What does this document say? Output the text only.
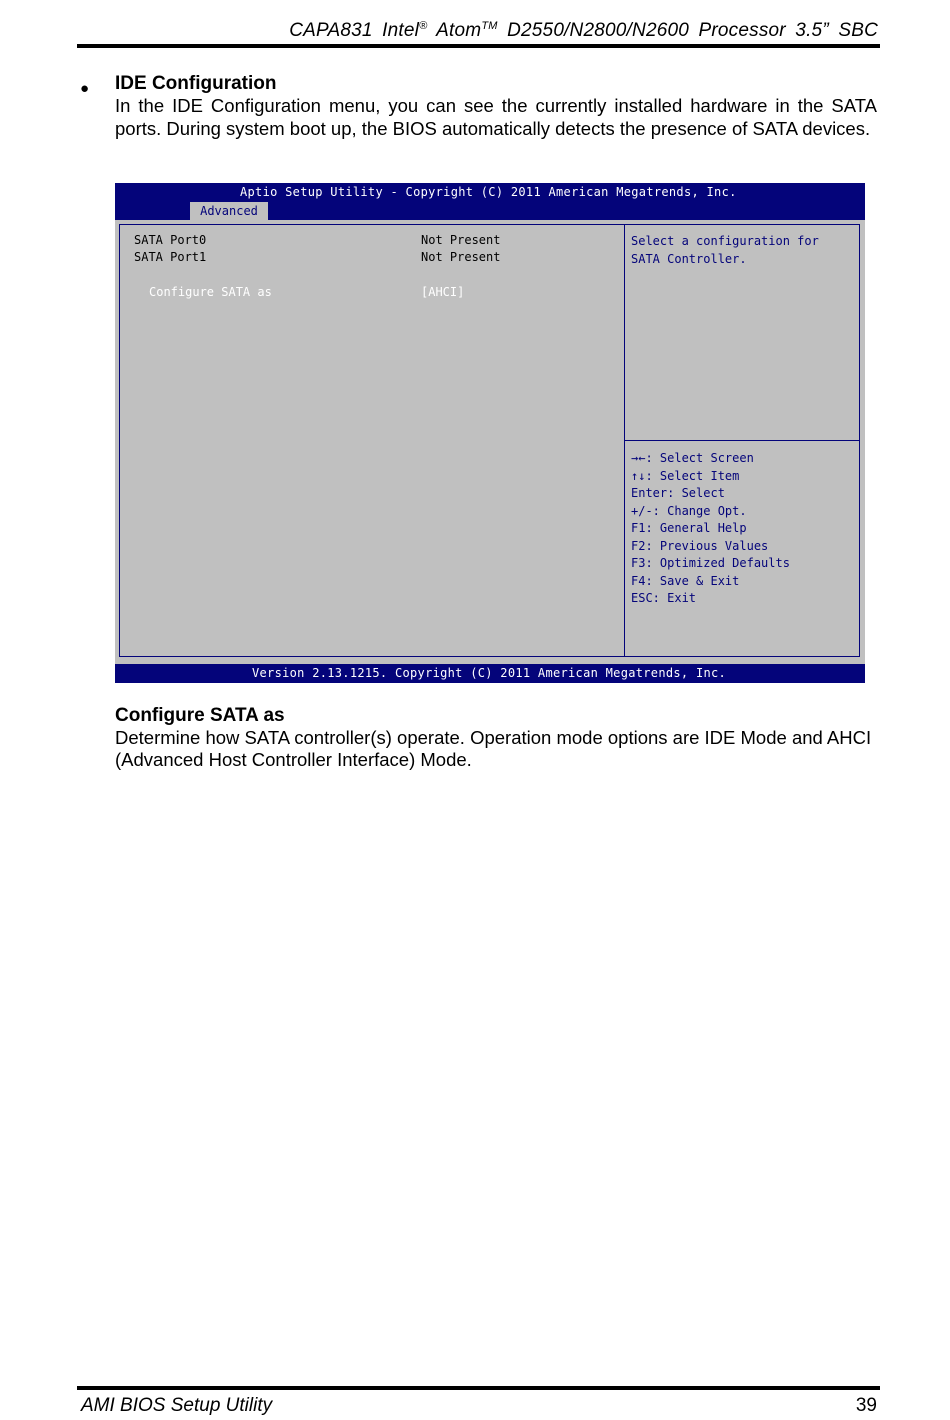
CAPA831 Intel® Atom™ D2550/N2800/N2600 Processor 3.5” SBC
● IDE Configuration

In the IDE Configuration menu, you can see the currently installed hardware in the SATA ports. During system boot up, the BIOS automatically detects the presence of SATA devices.

Aptio Setup Utility - Copyright (C) 2011 American Megatrends, Inc.
Advanced
SATA Port0	Not Present
SATA Port1	Not Present
Configure SATA as	[AHCI]

Select a configuration for SATA Controller.

→←: Select Screen
↑↓: Select Item
Enter: Select
+/-: Change Opt.
F1: General Help
F2: Previous Values
F3: Optimized Defaults
F4: Save & Exit
ESC: Exit
Version 2.13.1215. Copyright (C) 2011 American Megatrends, Inc.
Configure SATA as

Determine how SATA controller(s) operate. Operation mode options are IDE Mode and AHCI (Advanced Host Controller Interface) Mode.

AMI BIOS Setup Utility	39
